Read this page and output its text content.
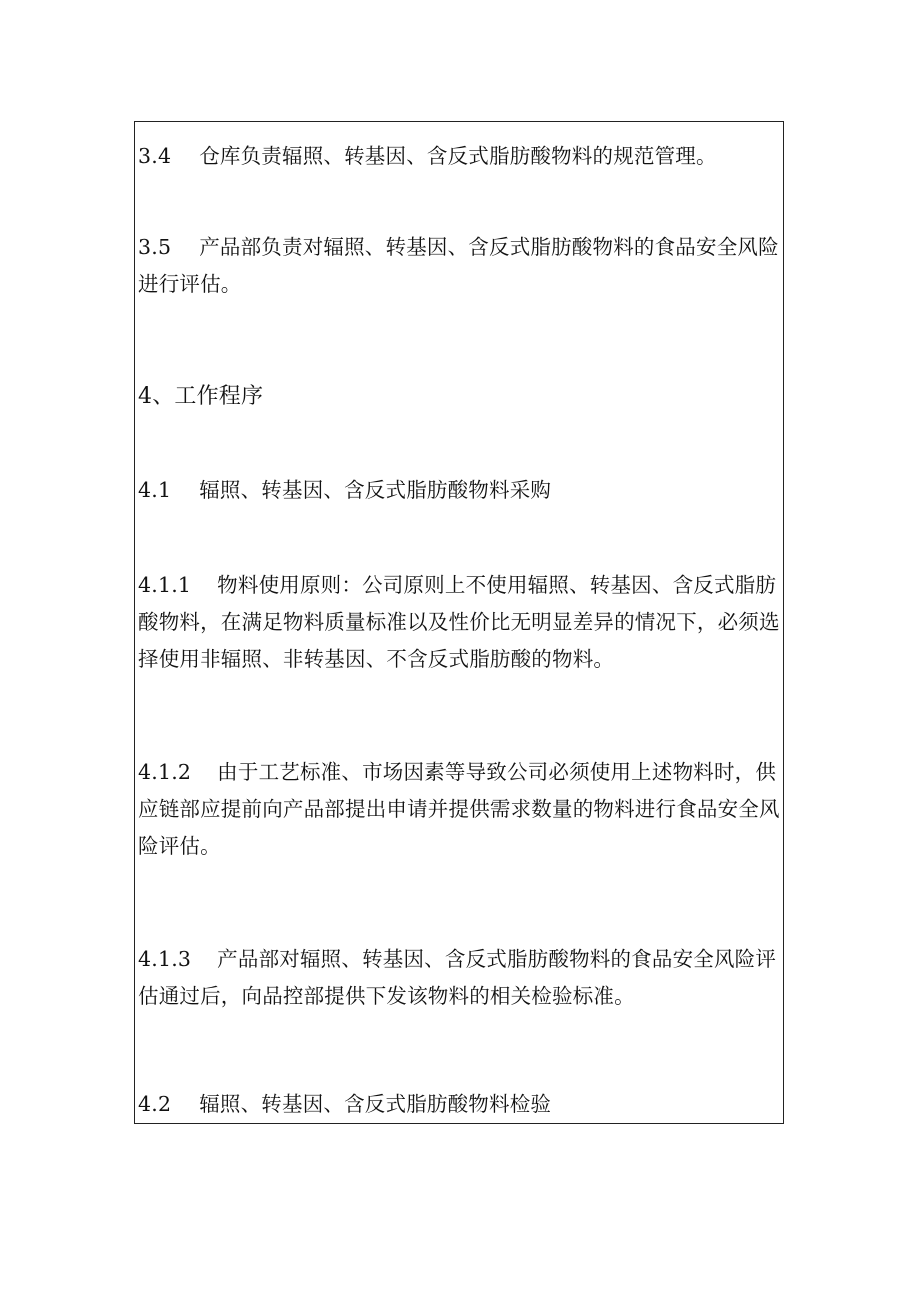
3.4 仓库负责辐照、转基因、含反式脂肪酸物料的规范管理。

3.5 产品部负责对辐照、转基因、含反式脂肪酸物料的食品安全风险进行评估。

4、工作程序

4.1 辐照、转基因、含反式脂肪酸物料采购

4.1.1 物料使用原则：公司原则上不使用辐照、转基因、含反式脂肪酸物料，在满足物料质量标准以及性价比无明显差异的情况下，必须选择使用非辐照、非转基因、不含反式脂肪酸的物料。

4.1.2 由于工艺标准、市场因素等导致公司必须使用上述物料时，供应链部应提前向产品部提出申请并提供需求数量的物料进行食品安全风险评估。

4.1.3 产品部对辐照、转基因、含反式脂肪酸物料的食品安全风险评估通过后，向品控部提供下发该物料的相关检验标准。

4.2 辐照、转基因、含反式脂肪酸物料检验
